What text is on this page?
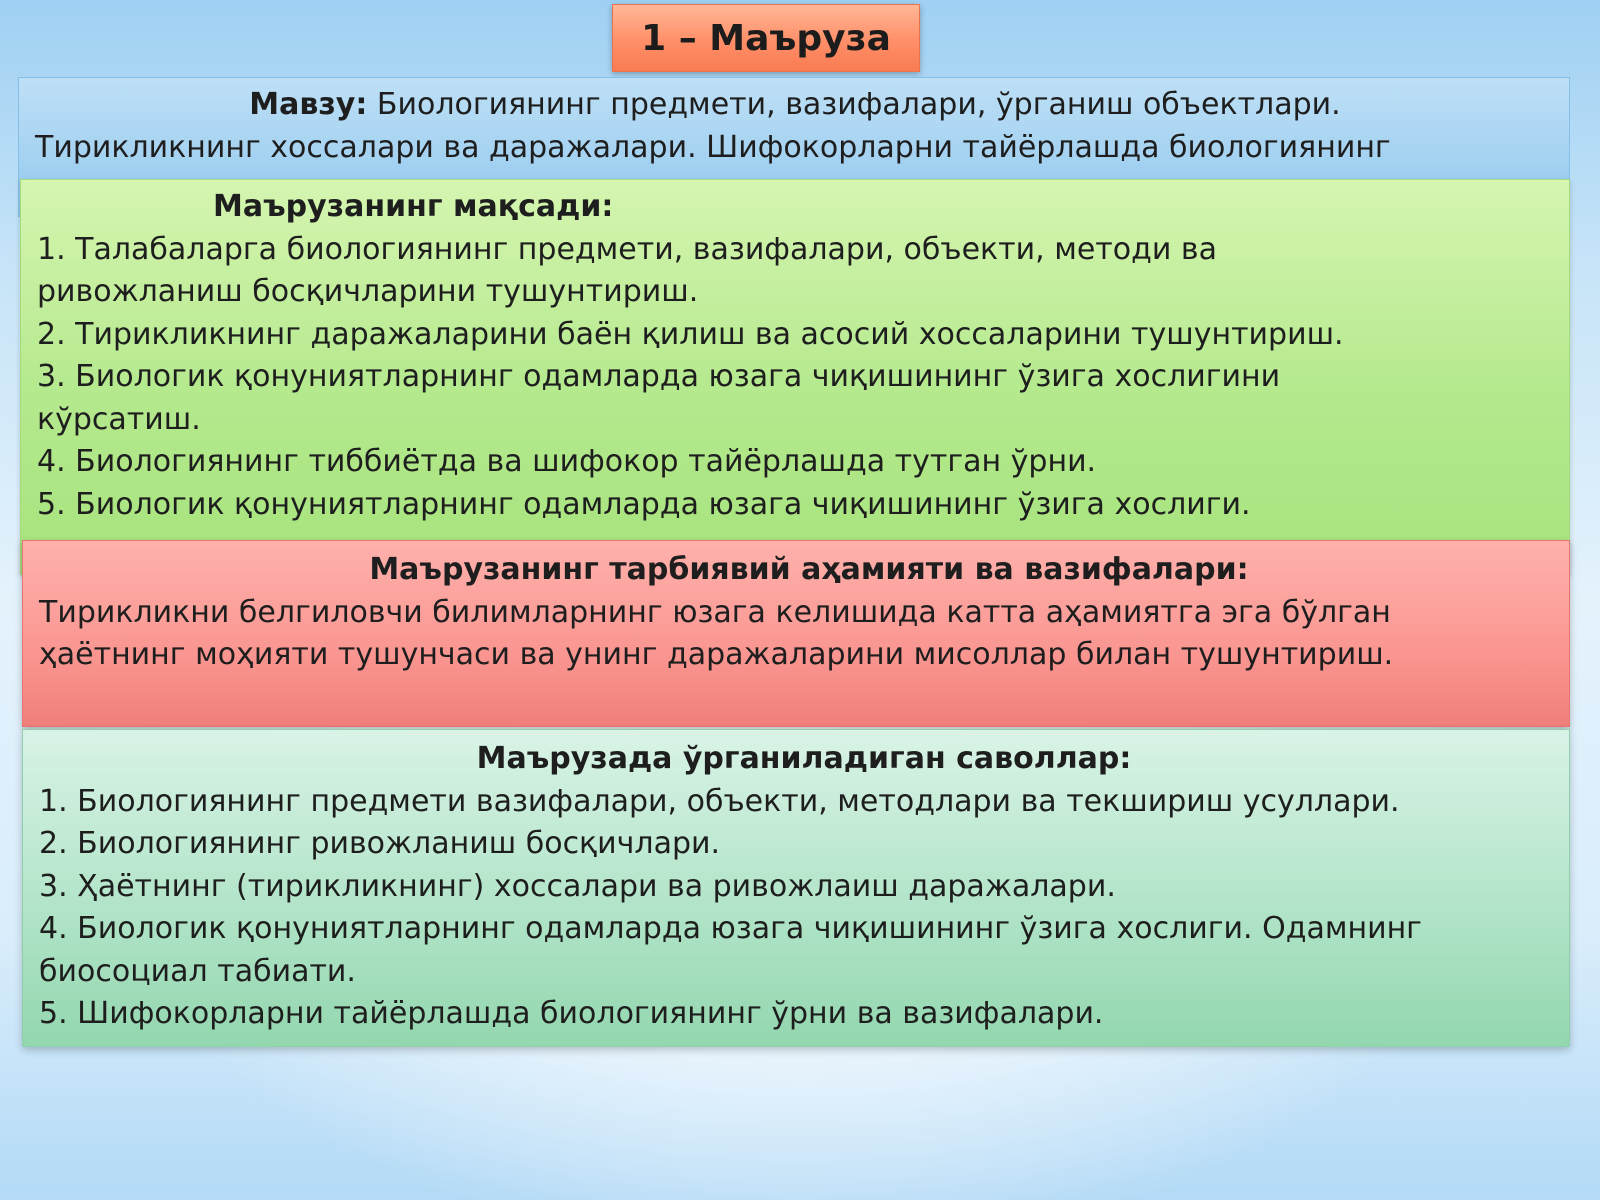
1 – Маъруза
Мавзу: Биологиянинг предмети, вазифалари, ўрганиш объектлари.
Тирикликнинг хоссалари ва даражалари. Шифокорларни тайёрлашда биологиянинг
Маърузанинг мақсади:
1. Талабаларга биологиянинг предмети, вазифалари, объекти, методи ва
ривожланиш босқичларини тушунтириш.
2. Тирикликнинг даражаларини баён қилиш ва асосий хоссаларини тушунтириш.
3. Биологик қонуниятларнинг одамларда юзага чиқишининг ўзига хослигини
кўрсатиш.
4. Биологиянинг тиббиётда ва шифокор тайёрлашда тутган ўрни.
5. Биологик қонуниятларнинг одамларда юзага чиқишининг ўзига хослиги.
Маърузанинг тарбиявий аҳамияти ва вазифалари:
Тирикликни белгиловчи билимларнинг юзага келишида катта аҳамиятга эга бўлган
ҳаётнинг моҳияти тушунчаси ва унинг даражаларини мисоллар билан тушунтириш.
Маърузада ўрганиладиган саволлар:
1. Биологиянинг предмети вазифалари, объекти, методлари ва текшириш усуллари.
2. Биологиянинг ривожланиш босқичлари.
3. Ҳаётнинг (тирикликнинг) хоссалари ва ривожлаиш даражалари.
4. Биологик қонуниятларнинг одамларда юзага чиқишининг ўзига хослиги. Одамнинг
биосоциал табиати.
5. Шифокорларни тайёрлашда биологиянинг ўрни ва вазифалари.
